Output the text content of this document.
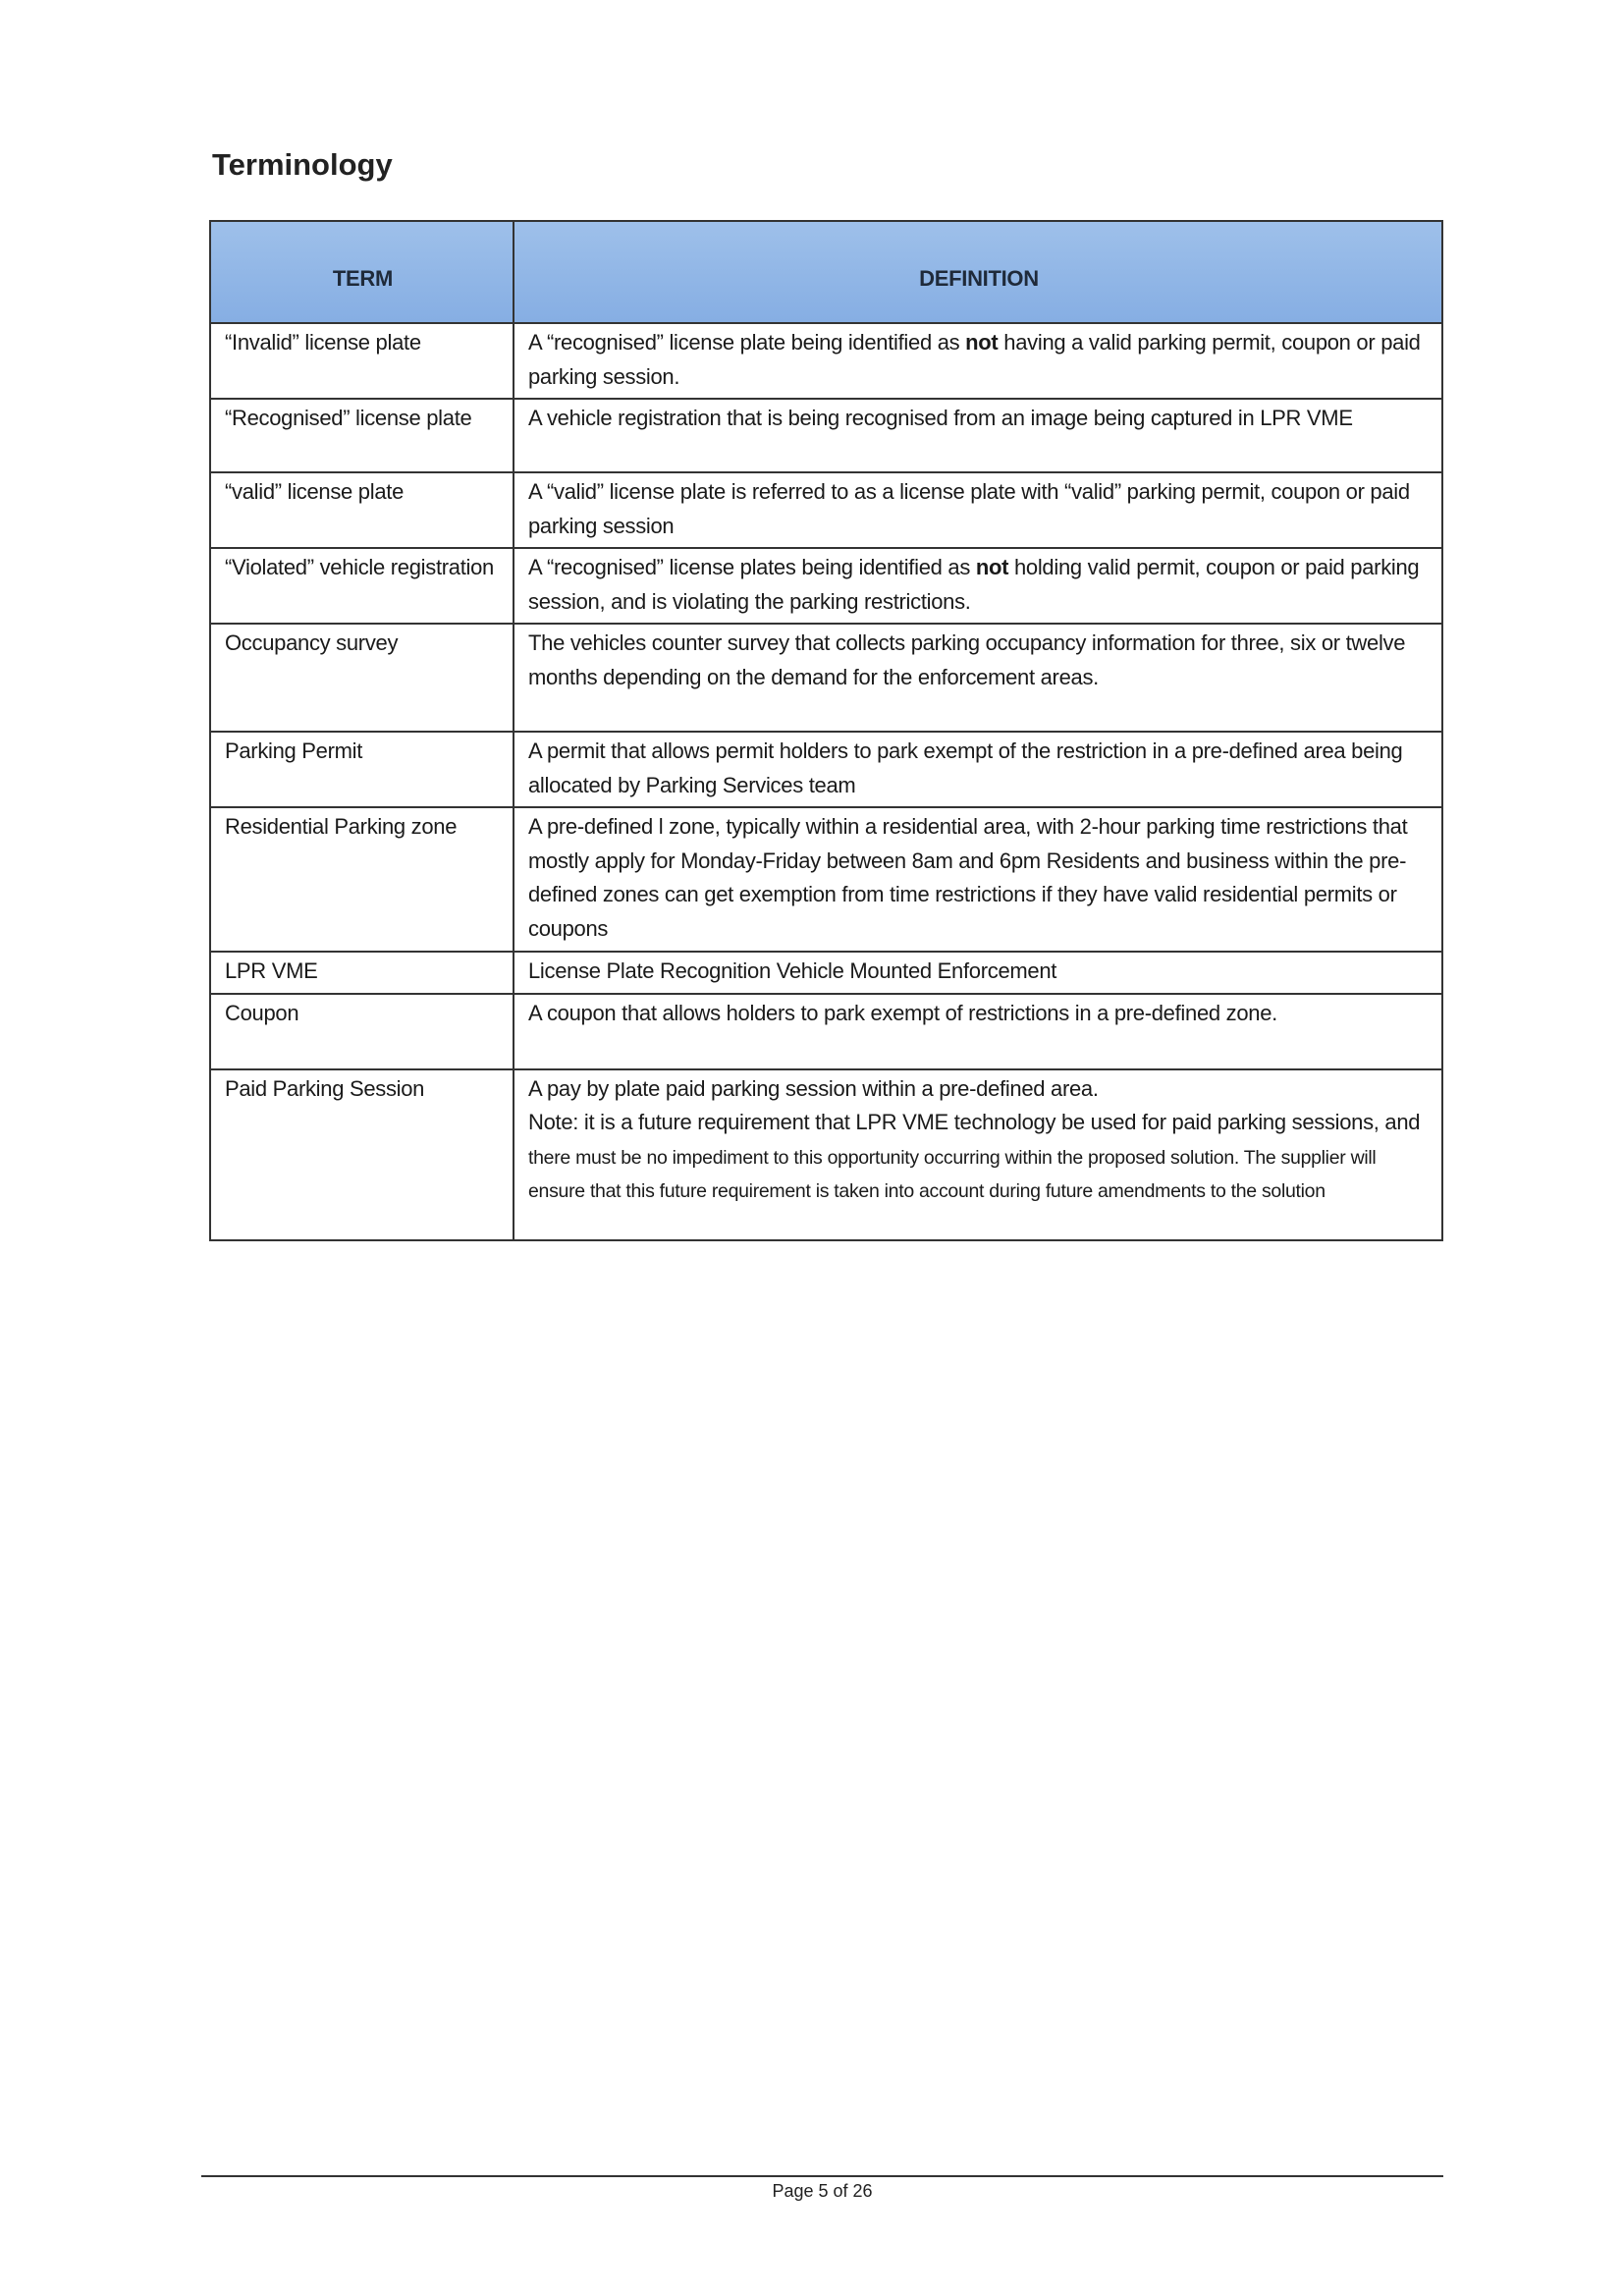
Terminology
TERM	DEFINITION
“Invalid” license plate	A “recognised” license plate being identified as not having a valid parking permit, coupon or paid parking session.
“Recognised” license plate	A vehicle registration that is being recognised from an image being captured in LPR VME
“valid” license plate	A “valid” license plate is referred to as a license plate with “valid” parking permit, coupon or paid parking session
“Violated” vehicle registration	A “recognised” license plates being identified as not holding valid permit, coupon or paid parking session, and is violating the parking restrictions.
Occupancy survey	The vehicles counter survey that collects parking occupancy information for three, six or twelve months depending on the demand for the enforcement areas.
Parking Permit	A permit that allows permit holders to park exempt of the restriction in a pre-defined area being allocated by Parking Services team
Residential Parking zone	A pre-defined l zone, typically within a residential area, with 2-hour parking time restrictions that mostly apply for Monday-Friday between 8am and 6pm Residents and business within the pre-defined zones can get exemption from time restrictions if they have valid residential permits or coupons
LPR VME	License Plate Recognition Vehicle Mounted Enforcement
Coupon	A coupon that allows holders to park exempt of restrictions in a pre-defined zone.
Paid Parking Session	A pay by plate paid parking session within a pre-defined area.
Note: it is a future requirement that LPR VME technology be used for paid parking sessions, and there must be no impediment to this opportunity occurring within the proposed solution. The supplier will ensure that this future requirement is taken into account during future amendments to the solution
Page 5 of 26
